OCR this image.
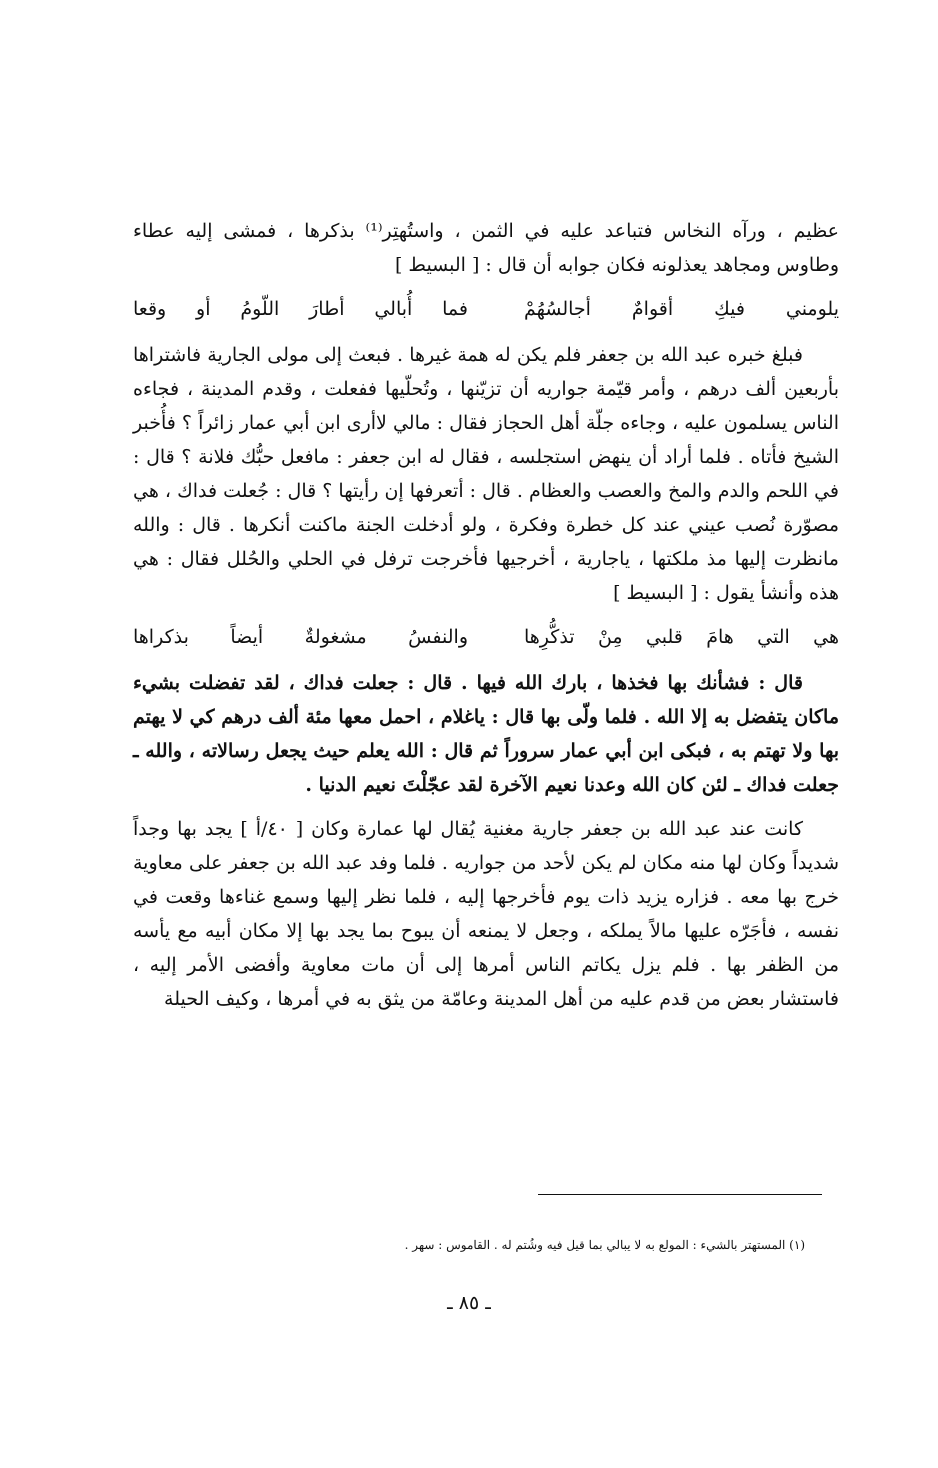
عظيم ، ورآه النخاس فتباعد عليه في الثمن ، واستُهتِر⁽¹⁾ بذكرها ، فمشى إليه عطاء وطاوس ومجاهد يعذلونه فكان جوابه أن قال : [ البسيط ]

يلومني فيكِ أقوامٌ أجالسُهُمْ
فما أُبالي أطارَ اللّومُ أو وقعا

فبلغ خبره عبد الله بن جعفر فلم يكن له همة غيرها . فبعث إلى مولى الجارية فاشتراها بأربعين ألف درهم ، وأمر قيّمة جواريه أن تزيّنها ، وتُحلّيها ففعلت ، وقدم المدينة ، فجاءه الناس يسلمون عليه ، وجاءه جلّة أهل الحجاز فقال : مالي لاأرى ابن أبي عمار زائراً ؟ فأُخبر الشيخ فأتاه . فلما أراد أن ينهض استجلسه ، فقال له ابن جعفر : مافعل حبُّك فلانة ؟ قال : في اللحم والدم والمخ والعصب والعظام . قال : أتعرفها إن رأيتها ؟ قال : جُعلت فداك ، هي مصوّرة نُصب عيني عند كل خطرة وفكرة ، ولو أدخلت الجنة ماكنت أنكرها . قال : والله مانظرت إليها مذ ملكتها ، ياجارية ، أخرجيها فأخرجت ترفل في الحلي والحُلل فقال : هي هذه وأنشأ يقول : [ البسيط ]

هي التي هامَ قلبي مِنْ تذكُّرِها
والنفسُ مشغولةٌ أيضاً بذكراها

قال : فشأنك بها فخذها ، بارك الله فيها . قال : جعلت فداك ، لقد تفضلت بشيء ماكان يتفضل به إلا الله . فلما ولّى بها قال : ياغلام ، احمل معها مئة ألف درهم كي لا يهتم بها ولا تهتم به ، فبكى ابن أبي عمار سروراً ثم قال : الله يعلم حيث يجعل رسالاته ، والله ـ جعلت فداك ـ لئن كان الله وعدنا نعيم الآخرة لقد عجّلْتَ نعيم الدنيا .

كانت عند عبد الله بن جعفر جارية مغنية يُقال لها عمارة وكان [ ٤٠/أ ] يجد بها وجداً شديداً وكان لها منه مكان لم يكن لأحد من جواريه . فلما وفد عبد الله بن جعفر على معاوية خرج بها معه . فزاره يزيد ذات يوم فأخرجها إليه ، فلما نظر إليها وسمع غناءها وقعت في نفسه ، فأجَرّه عليها مالاً يملكه ، وجعل لا يمنعه أن يبوح بما يجد بها إلا مكان أبيه مع يأسه من الظفر بها . فلم يزل يكاتم الناس أمرها إلى أن مات معاوية وأفضى الأمر إليه ، فاستشار بعض من قدم عليه من أهل المدينة وعامّة من يثق به في أمرها ، وكيف الحيلة

(١) المستهتر بالشيء : المولع به لا يبالي بما قيل فيه وشُتم له . القاموس : سهر .
ـ ٨٥ ـ
